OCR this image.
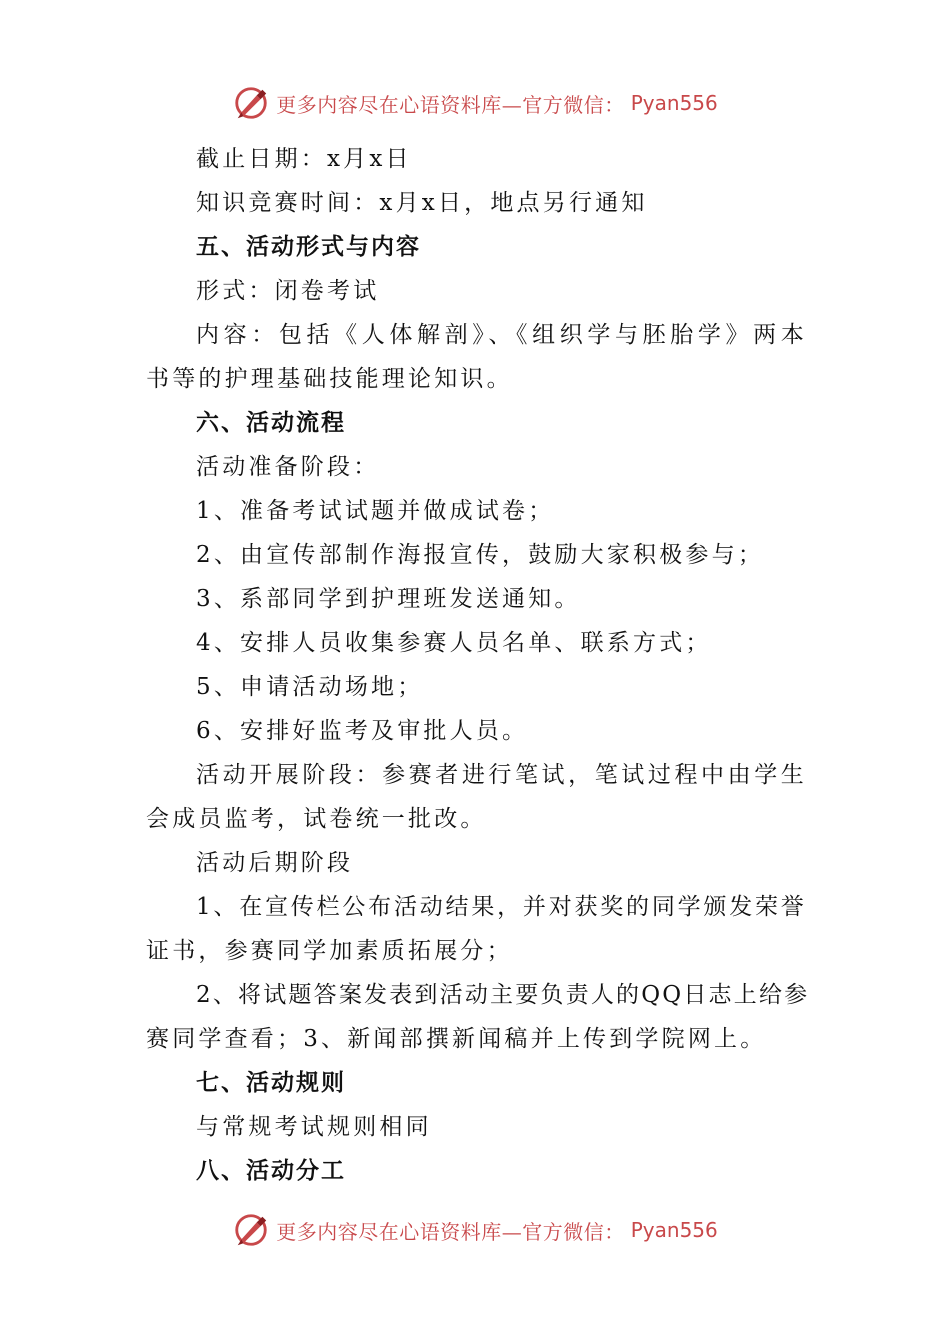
更多内容尽在心语资料库—官方微信： Pyan556
截止日期：x月x日
知识竞赛时间：x月x日，地点另行通知
五、活动形式与内容
形式：闭卷考试
内容：包括《人体解剖》、《组织学与胚胎学》两本
书等的护理基础技能理论知识。
六、活动流程
活动准备阶段：
1、准备考试试题并做成试卷；
2、由宣传部制作海报宣传，鼓励大家积极参与；
3、系部同学到护理班发送通知。
4、安排人员收集参赛人员名单、联系方式；
5、申请活动场地；
6、安排好监考及审批人员。
活动开展阶段：参赛者进行笔试，笔试过程中由学生
会成员监考，试卷统一批改。
活动后期阶段
1、在宣传栏公布活动结果，并对获奖的同学颁发荣誉
证书，参赛同学加素质拓展分；
2、将试题答案发表到活动主要负责人的QQ日志上给参
赛同学查看；3、新闻部撰新闻稿并上传到学院网上。
七、活动规则
与常规考试规则相同
八、活动分工
更多内容尽在心语资料库—官方微信： Pyan556
